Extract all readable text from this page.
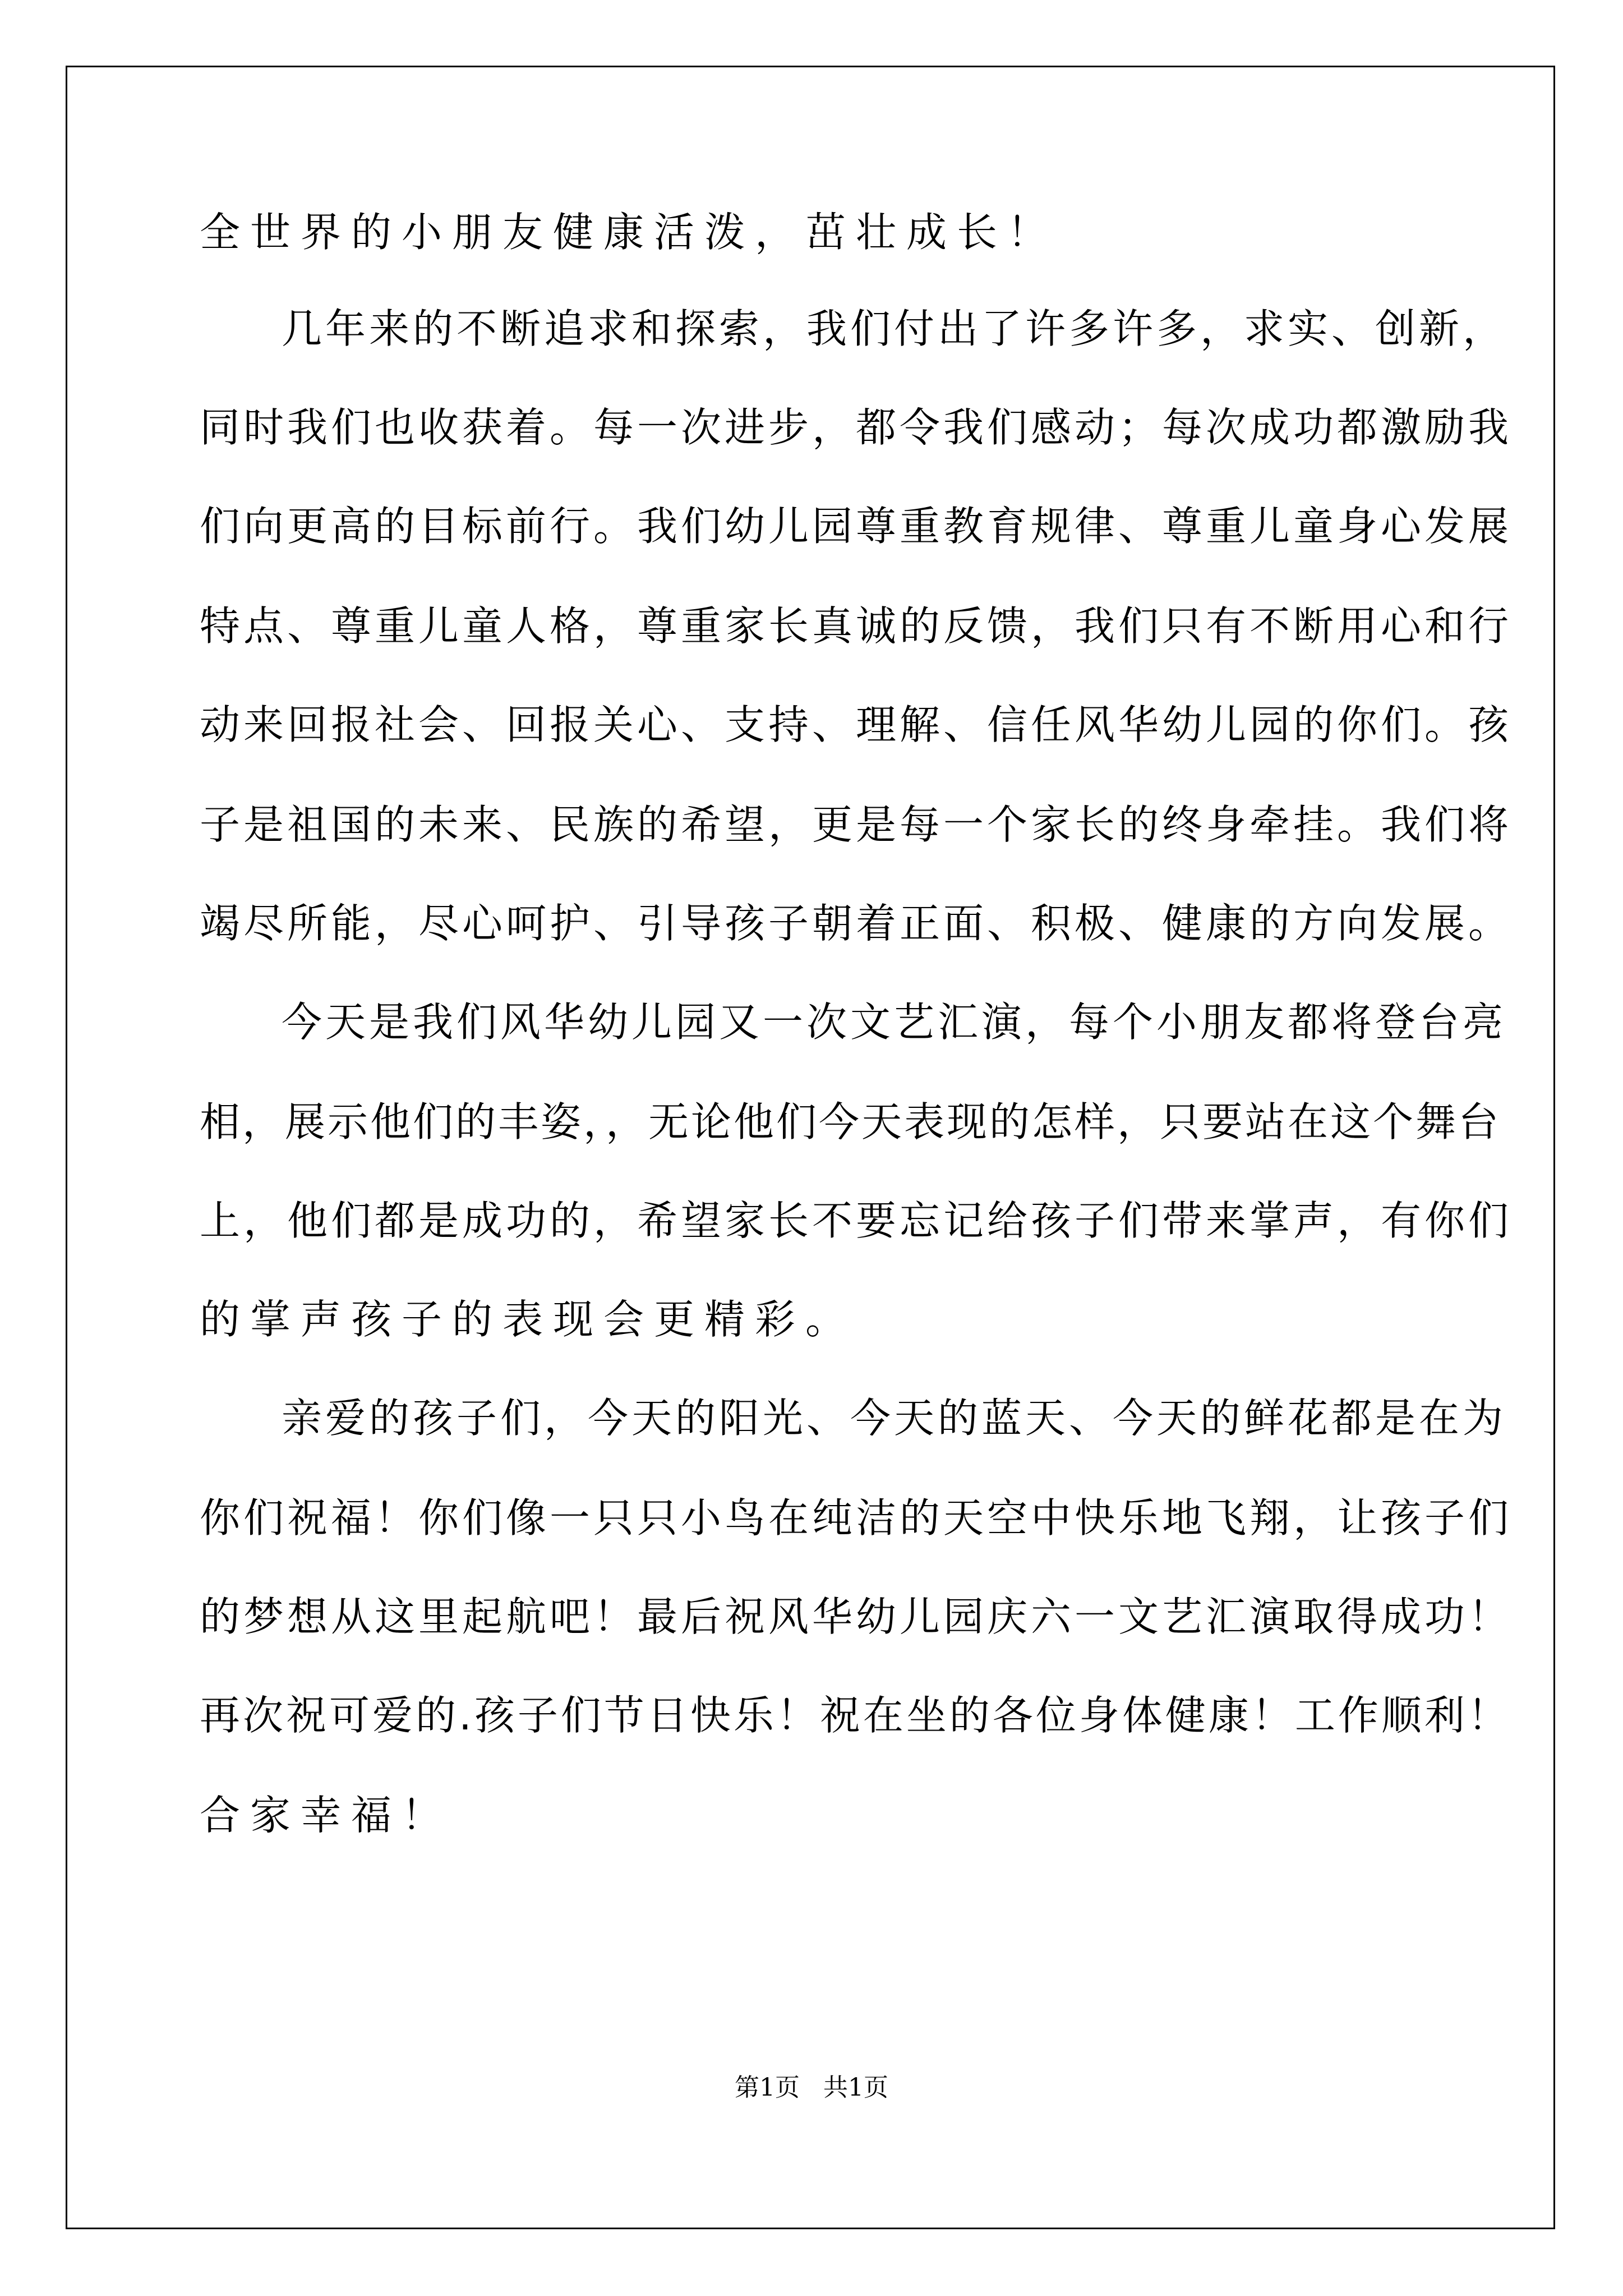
全世界的小朋友健康活泼，茁壮成长！
几年来的不断追求和探索，我们付出了许多许多，求实、创新，
同时我们也收获着。每一次进步，都令我们感动；每次成功都激励我
们向更高的目标前行。我们幼儿园尊重教育规律、尊重儿童身心发展
特点、尊重儿童人格，尊重家长真诚的反馈，我们只有不断用心和行
动来回报社会、回报关心、支持、理解、信任风华幼儿园的你们。孩
子是祖国的未来、民族的希望，更是每一个家长的终身牵挂。我们将
竭尽所能，尽心呵护、引导孩子朝着正面、积极、健康的方向发展。
今天是我们风华幼儿园又一次文艺汇演，每个小朋友都将登台亮
相，展示他们的丰姿，，无论他们今天表现的怎样，只要站在这个舞台
上，他们都是成功的，希望家长不要忘记给孩子们带来掌声，有你们
的掌声孩子的表现会更精彩。
亲爱的孩子们，今天的阳光、今天的蓝天、今天的鲜花都是在为
你们祝福！你们像一只只小鸟在纯洁的天空中快乐地飞翔，让孩子们
的梦想从这里起航吧！最后祝风华幼儿园庆六一文艺汇演取得成功！
再次祝可爱的.孩子们节日快乐！祝在坐的各位身体健康！工作顺利！
合家幸福！
第1页   共1页
